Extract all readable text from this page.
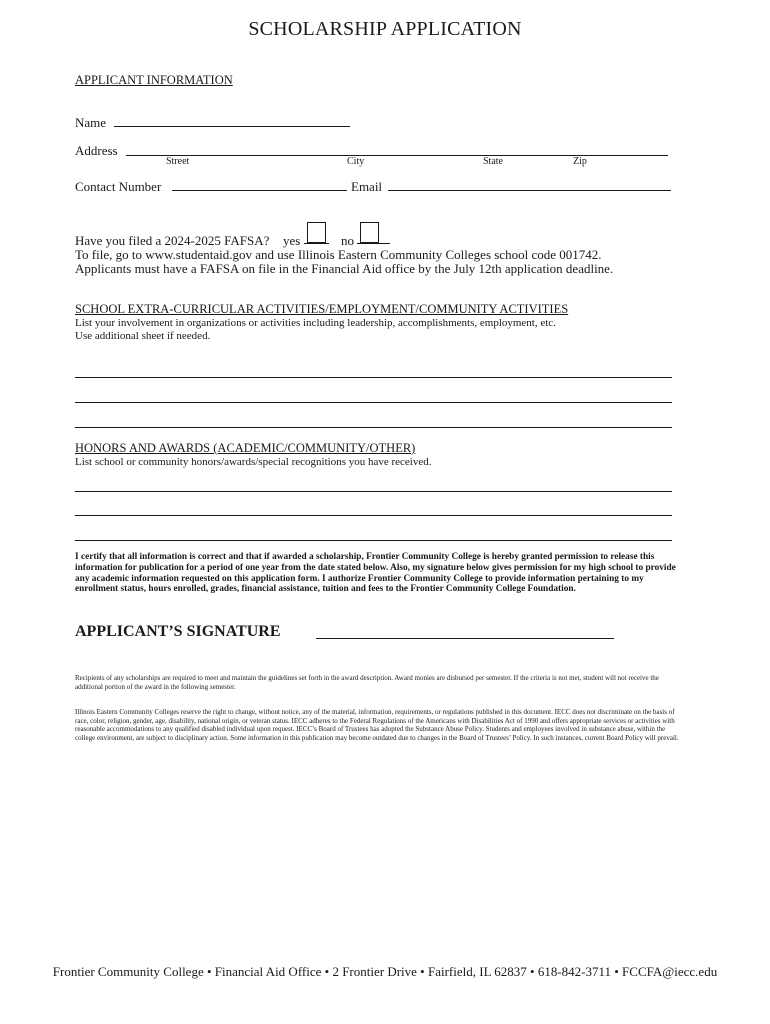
SCHOLARSHIP APPLICATION
APPLICANT INFORMATION
Name
Address
Street	City	State	Zip
Contact Number	Email
Have you filed a 2024-2025 FAFSA? yes	no
To file, go to www.studentaid.gov and use Illinois Eastern Community Colleges school code 001742.
Applicants must have a FAFSA on file in the Financial Aid office by the July 12th application deadline.
SCHOOL EXTRA-CURRICULAR ACTIVITIES/EMPLOYMENT/COMMUNITY ACTIVITIES
List your involvement in organizations or activities including leadership, accomplishments, employment, etc.
Use additional sheet if needed.
HONORS AND AWARDS (ACADEMIC/COMMUNITY/OTHER)
List school or community honors/awards/special recognitions you have received.
I certify that all information is correct and that if awarded a scholarship, Frontier Community College is hereby granted permission to release this information for publication for a period of one year from the date stated below. Also, my signature below gives permission for my high school to provide any academic information requested on this application form. I authorize Frontier Community College to provide information pertaining to my enrollment status, hours enrolled, grades, financial assistance, tuition and fees to the Frontier Community College Foundation.
APPLICANT’S SIGNATURE
Recipients of any scholarships are required to meet and maintain the guidelines set forth in the award description. Award monies are disbursed per semester. If the criteria is not met, student will not receive the additional portion of the award in the following semester.
Illinois Eastern Community Colleges reserve the right to change, without notice, any of the material, information, requirements, or regulations published in this document. IECC does not discriminate on the basis of race, color, religion, gender, age, disability, national origin, or veteran status. IECC adheres to the Federal Regulations of the Americans with Disabilities Act of 1990 and offers appropriate services or activities with reasonable accommodations to any qualified disabled individual upon request. IECC’s Board of Trustees has adopted the Substance Abuse Policy. Students and employees involved in substance abuse, within the college environment, are subject to disciplinary action. Some information in this publication may become outdated due to changes in the Board of Trustees’ Policy. In such instances, current Board Policy will prevail.
Frontier Community College • Financial Aid Office • 2 Frontier Drive • Fairfield, IL 62837 • 618-842-3711 • FCCFA@iecc.edu
